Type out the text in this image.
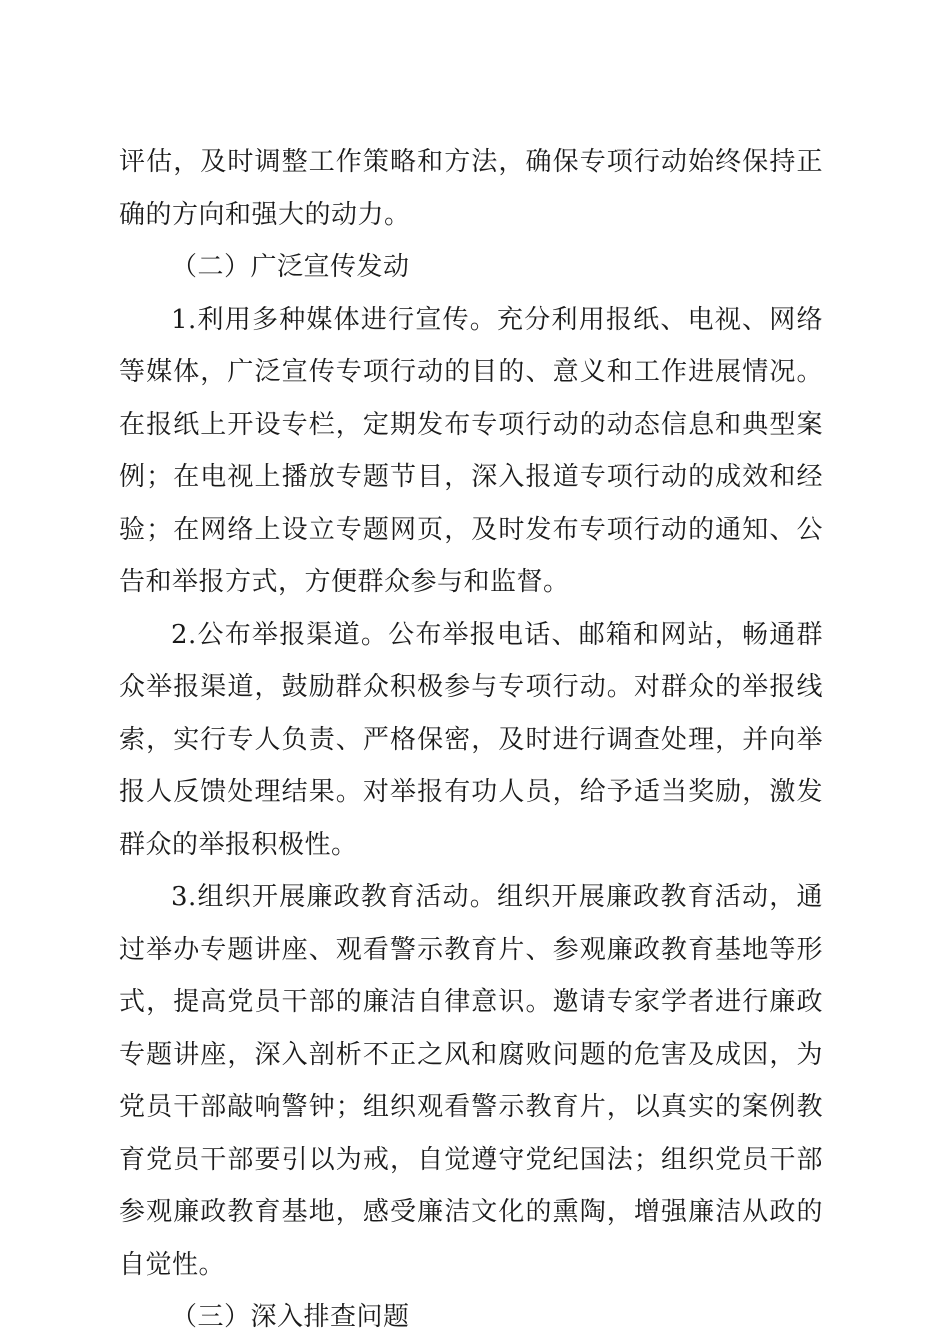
评估，及时调整工作策略和方法，确保专项行动始终保持正确的方向和强大的动力。

（二）广泛宣传发动

1.利用多种媒体进行宣传。充分利用报纸、电视、网络等媒体，广泛宣传专项行动的目的、意义和工作进展情况。在报纸上开设专栏，定期发布专项行动的动态信息和典型案例；在电视上播放专题节目，深入报道专项行动的成效和经验；在网络上设立专题网页，及时发布专项行动的通知、公告和举报方式，方便群众参与和监督。

2.公布举报渠道。公布举报电话、邮箱和网站，畅通群众举报渠道，鼓励群众积极参与专项行动。对群众的举报线索，实行专人负责、严格保密，及时进行调查处理，并向举报人反馈处理结果。对举报有功人员，给予适当奖励，激发群众的举报积极性。

3.组织开展廉政教育活动。组织开展廉政教育活动，通过举办专题讲座、观看警示教育片、参观廉政教育基地等形式，提高党员干部的廉洁自律意识。邀请专家学者进行廉政专题讲座，深入剖析不正之风和腐败问题的危害及成因，为党员干部敲响警钟；组织观看警示教育片，以真实的案例教育党员干部要引以为戒，自觉遵守党纪国法；组织党员干部参观廉政教育基地，感受廉洁文化的熏陶，增强廉洁从政的自觉性。

（三）深入排查问题
